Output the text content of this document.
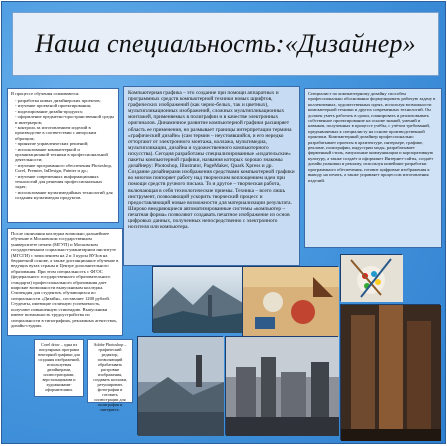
Наша специальность:«Дизайнер»

В процессе обучения осваиваются:

- разработка новых дизайнерских проектов;
- изучение проектной проектирования;
- моделирование дизайн-продукта;
- оформление предметно-пространственной среды и интерьеров;
- контроль за изготовлением изделий в производстве в соответствии с авторским образцом;
- принятие управленческих решений;
- использование компьютерной и организационной техники в профессиональной деятельности;
- изучение программного обеспечения Photoshop, Corel, Premier, InDesign, Painter и др.;
- изучение современных информационных технологий для решения профессиональных задач;
- использование мультимедийных технологий для создания мультимедиа продуктов.

После окончания колледжа возможно дальнейшее обучение в Московском государственном университете печати (МГУП) и Московском государственном социально-гуманитарном институте (МГСГИ) с зачислением на 2 и 3 курсы ВУЗов на бюджетной основе, а также дистанционное обучение в ведущих вузах страны и Центре дополнительного образования. При этом специальность с ФГОС (федерального государственного образовательного стандарта) профессионального образования дает широкие возможности выпускникам колледжа. Стипендия для студентов, обучающихся по специальности «Дизайн», составляет 1200 рублей. Студенты, имеющие отличную успеваемость, получают повышенную стипендию. Выпускники имеют возможность трудоустройства по специальности в типографиях, рекламных агентствах, дизайн-студиях.

Компьютерная графика – это создание при помощи аппаратных и программных средств компьютерной техники новых шрифтов, графических изображений (как черно-белых, так и цветных), мультипликационных изображений, сложных мультипликационных монтажей, применяемых в полиграфии и в качестве электронных оригиналов. Динамичное развитие компьютерной графики расширяет область ее применения, но размывает границы интерпретации термина «графический дизайн» (сам термин – неустоявшийся, и его нередко отторгают от электронного монтажа, коллажа, мультимедиа, мультипликации, дизайна и художественного компьютерного искусства). Сегодня разработаны специализированные «издательские» пакеты компьютерной графики, названия которых хорошо знакомы дизайнеру: Photoshop, Illustrator, PageMaker, Quark Xpress и др. Создание дизайнерами изображения средствами компьютерной графики во многом повторяет работу над творческим воплощением идеи при помощи средств ручного письма. То и другое – творческая работа, включающая в себя технологические приемы. Техника – всего лишь инструмент, позволяющий ускорить творческий процесс и предоставляющий новые возможности для материализации результата. Широко внедряющиеся автоматизированные системы «компьютер – печатная форма» позволяют создавать печатное изображение из основ цифровых данных, полученных непосредственно с электронного носителя или компьютера.

Специалист по компьютерному дизайну способен профессионально обоснованно формулировать рабочую задачу в коллективных, художественных идеях, используя возможности компьютерной техники и других современных технологий. Он должен уметь работать в сроки, планировать и реализовывать собственное проектирование на основе знаний, умений и навыков, полученных в процессе учёбы, с учётом требований, предъявляемых к специалисту на основе производственной практики. Компьютерный дизайнер профессионально разрабатывает проекты в архитектуре, интерьере, графике, рекламе, полиграфии, индустрии моды, разрабатывает фирменный стиль, визуальные коммуникации и корпоративную культуру, а также создаёт и оформляет Интернет-сайты, создаёт дизайн упаковки и рекламу, используя новейшие разработки программного обеспечения, готовит цифровые изображения к выводу на печать, а также управляет процессом изготовления изделий.

Corel draw – одна из популярных программ векторной графики для создания изображений, используемая дизайнерами, иллюстраторами, верстальщиками и художниками-оформителями.

Adobe Photoshop – графический редактор, позволяющий обрабатывать растровые изображения, создавать коллажи, ретушировать фотографии и готовить иллюстрации для полиграфии и интернета.
